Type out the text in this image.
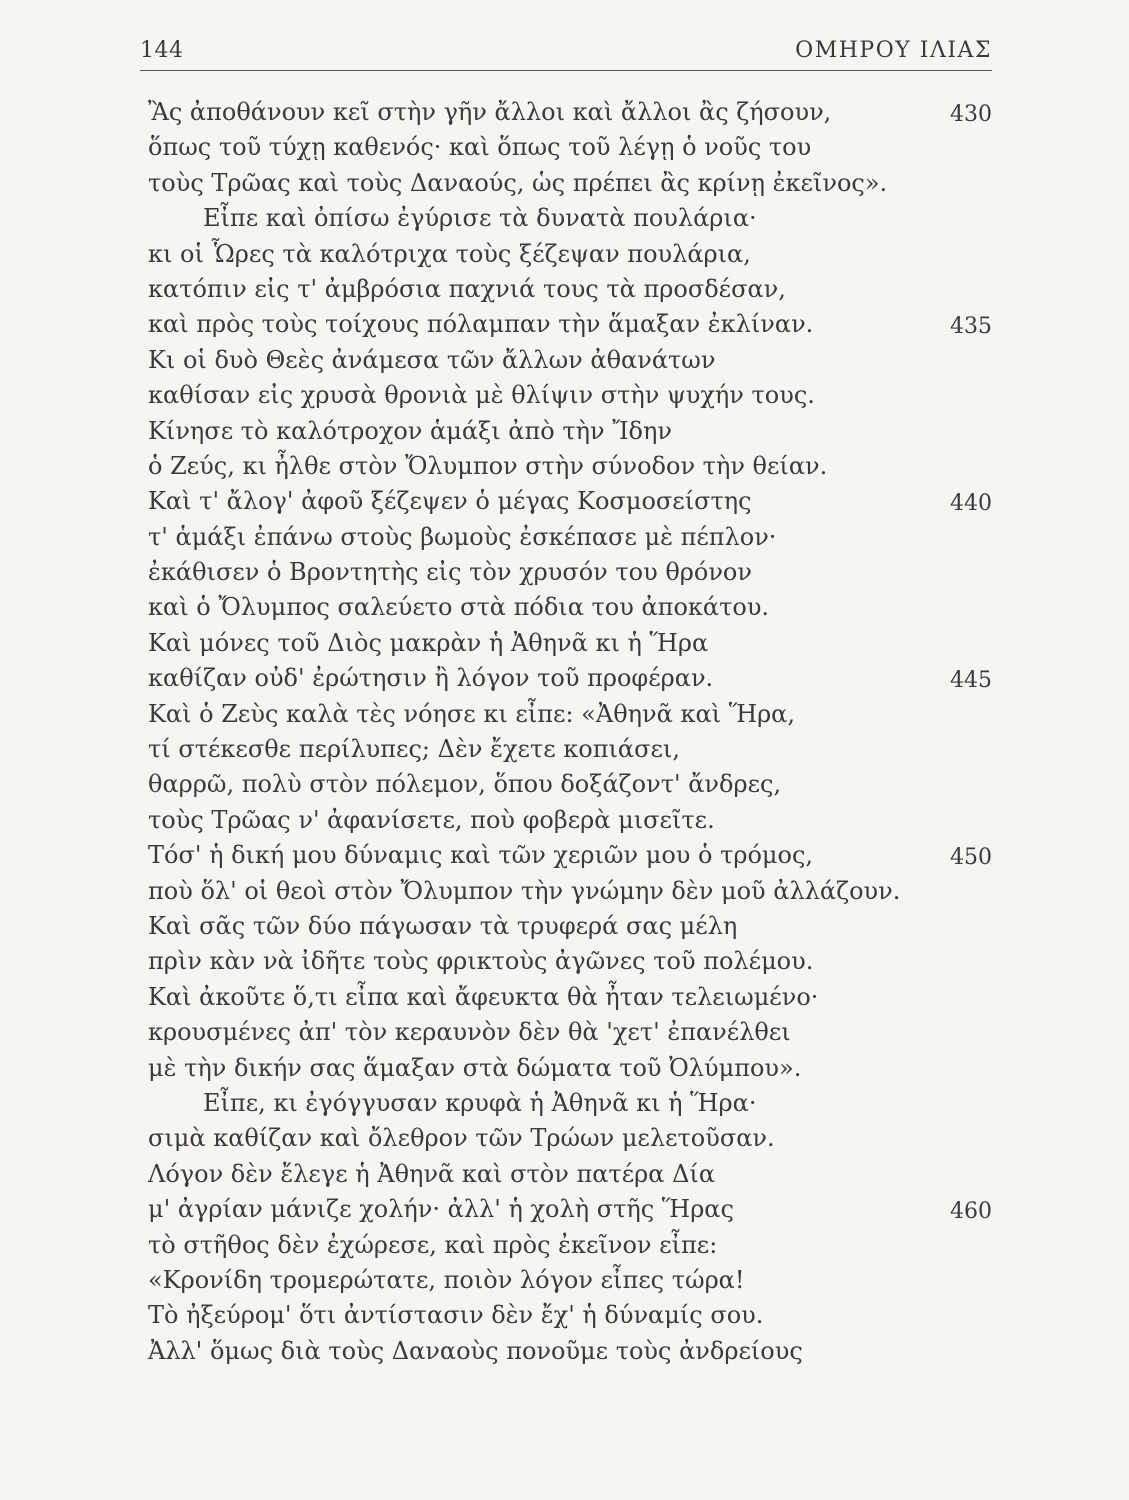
144	ΟΜΗΡΟΥ ΙΛΙΑΣ
Ἂς ἀποθάνουν κεῖ στὴν γῆν ἄλλοι καὶ ἄλλοι ἂς ζήσουν,	430
ὅπως τοῦ τύχῃ καθενός· καὶ ὅπως τοῦ λέγῃ ὁ νοῦς του
τοὺς Τρῶας καὶ τοὺς Δαναούς, ὡς πρέπει ἂς κρίνῃ ἐκεῖνος».
Εἶπε καὶ ὀπίσω ἐγύρισε τὰ δυνατὰ πουλάρια·
κι οἱ Ὧρες τὰ καλότριχα τοὺς ξέζεψαν πουλάρια,
κατόπιν εἰς τ' ἀμβρόσια παχνιά τους τὰ προσδέσαν,
καὶ πρὸς τοὺς τοίχους πόλαμπαν τὴν ἅμαξαν ἐκλίναν.	435
Κι οἱ δυὸ Θεὲς ἀνάμεσα τῶν ἄλλων ἀθανάτων
καθίσαν εἰς χρυσὰ θρονιὰ μὲ θλίψιν στὴν ψυχήν τους.
Κίνησε τὸ καλότροχον ἁμάξι ἀπὸ τὴν Ἴδην
ὁ Ζεύς, κι ἦλθε στὸν Ὄλυμπον στὴν σύνοδον τὴν θείαν.
Καὶ τ' ἄλογ' ἀφοῦ ξέζεψεν ὁ μέγας Κοσμοσείστης	440
τ' ἁμάξι ἐπάνω στοὺς βωμοὺς ἐσκέπασε μὲ πέπλον·
ἐκάθισεν ὁ Βροντητὴς εἰς τὸν χρυσόν του θρόνον
καὶ ὁ Ὄλυμπος σαλεύετο στὰ πόδια του ἀποκάτου.
Καὶ μόνες τοῦ Διὸς μακρὰν ἡ Ἀθηνᾶ κι ἡ Ἥρα
καθίζαν οὐδ' ἐρώτησιν ἢ λόγον τοῦ προφέραν.	445
Καὶ ὁ Ζεὺς καλὰ τὲς νόησε κι εἶπε: «Ἀθηνᾶ καὶ Ἥρα,
τί στέκεσθε περίλυπες; Δὲν ἔχετε κοπιάσει,
θαρρῶ, πολὺ στὸν πόλεμον, ὅπου δοξάζοντ' ἄνδρες,
τοὺς Τρῶας ν' ἀφανίσετε, ποὺ φοβερὰ μισεῖτε.
Τόσ' ἡ δική μου δύναμις καὶ τῶν χεριῶν μου ὁ τρόμος,	450
ποὺ ὅλ' οἱ θεοὶ στὸν Ὄλυμπον τὴν γνώμην δὲν μοῦ ἀλλάζουν.
Καὶ σᾶς τῶν δύο πάγωσαν τὰ τρυφερά σας μέλη
πρὶν κὰν νὰ ἰδῆτε τοὺς φρικτοὺς ἀγῶνες τοῦ πολέμου.
Καὶ ἀκοῦτε ὅ,τι εἶπα καὶ ἄφευκτα θὰ ἦταν τελειωμένο·
κρουσμένες ἀπ' τὸν κεραυνὸν δὲν θὰ 'χετ' ἐπανέλθει
μὲ τὴν δικήν σας ἅμαξαν στὰ δώματα τοῦ Ὀλύμπου».
Εἶπε, κι ἐγόγγυσαν κρυφὰ ἡ Ἀθηνᾶ κι ἡ Ἥρα·
σιμὰ καθίζαν καὶ ὄλεθρον τῶν Τρώων μελετοῦσαν.
Λόγον δὲν ἔλεγε ἡ Ἀθηνᾶ καὶ στὸν πατέρα Δία
μ' ἀγρίαν μάνιζε χολήν· ἀλλ' ἡ χολὴ στῆς Ἥρας	460
τὸ στῆθος δὲν ἐχώρεσε, καὶ πρὸς ἐκεῖνον εἶπε:
«Κρονίδη τρομερώτατε, ποιὸν λόγον εἶπες τώρα!
Τὸ ἠξεύρομ' ὅτι ἀντίστασιν δὲν ἔχ' ἡ δύναμίς σου.
Ἀλλ' ὅμως διὰ τοὺς Δαναοὺς πονοῦμε τοὺς ἀνδρείους
